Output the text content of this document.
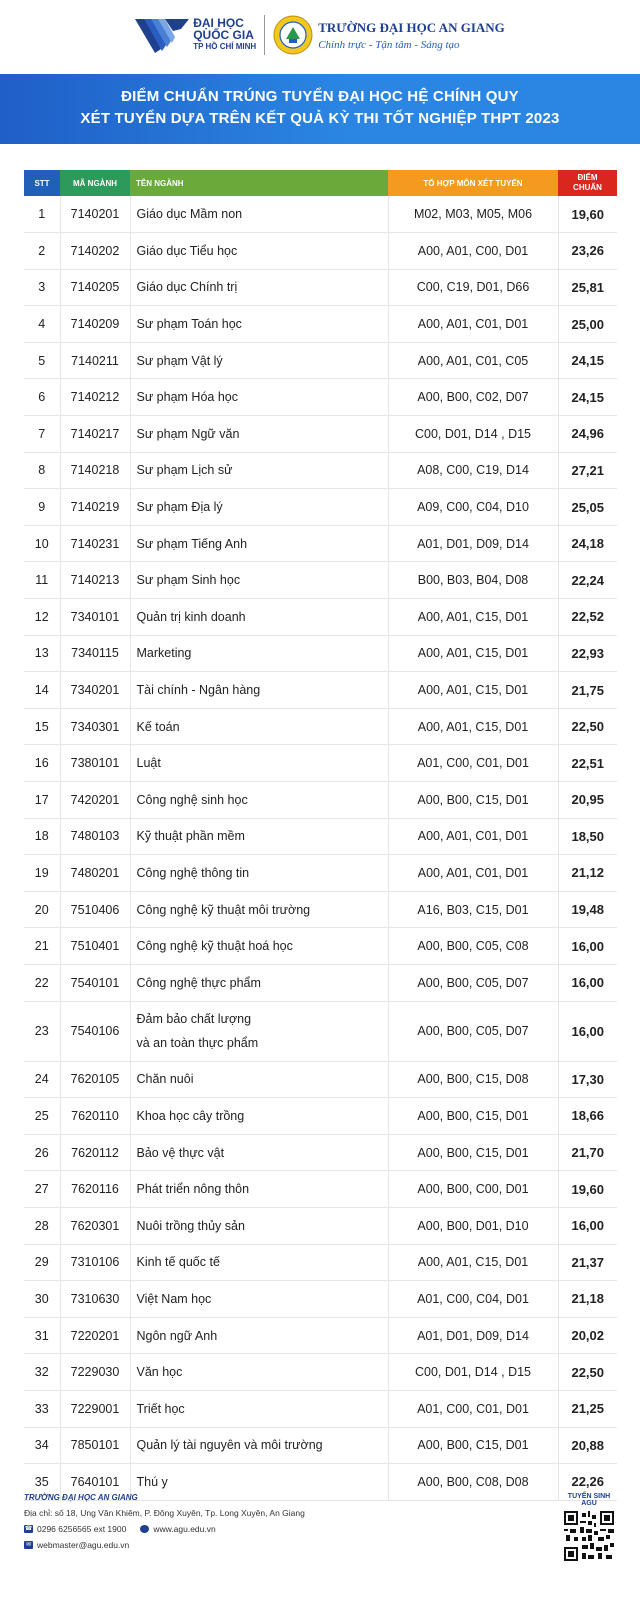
ĐẠI HỌC
QUỐC GIA
TP HỒ CHÍ MINH
TRƯỜNG ĐẠI HỌC AN GIANG
Chính trực - Tận tâm - Sáng tạo
ĐIỂM CHUẨN TRÚNG TUYỂN ĐẠI HỌC HỆ CHÍNH QUY
XÉT TUYỂN DỰA TRÊN KẾT QUẢ KỲ THI TỐT NGHIỆP THPT 2023
STT	MÃ NGÀNH	TÊN NGÀNH	TỔ HỢP MÔN XÉT TUYỂN	ĐIỂM
CHUẨN
1	7140201	Giáo dục Mầm non	M02, M03, M05, M06	19,60
2	7140202	Giáo dục Tiểu học	A00, A01, C00, D01	23,26
3	7140205	Giáo dục Chính trị	C00, C19, D01, D66	25,81
4	7140209	Sư phạm Toán học	A00, A01, C01, D01	25,00
5	7140211	Sư phạm Vật lý	A00, A01, C01, C05	24,15
6	7140212	Sư phạm Hóa học	A00, B00, C02, D07	24,15
7	7140217	Sư phạm Ngữ văn	C00, D01, D14 , D15	24,96
8	7140218	Sư phạm Lịch sử	A08, C00, C19, D14	27,21
9	7140219	Sư phạm Địa lý	A09, C00, C04, D10	25,05
10	7140231	Sư phạm Tiếng Anh	A01, D01, D09, D14	24,18
11	7140213	Sư phạm Sinh học	B00, B03, B04, D08	22,24
12	7340101	Quản trị kinh doanh	A00, A01, C15, D01	22,52
13	7340115	Marketing	A00, A01, C15, D01	22,93
14	7340201	Tài chính - Ngân hàng	A00, A01, C15, D01	21,75
15	7340301	Kế toán	A00, A01, C15, D01	22,50
16	7380101	Luật	A01, C00, C01, D01	22,51
17	7420201	Công nghệ sinh học	A00, B00, C15, D01	20,95
18	7480103	Kỹ thuật phần mềm	A00, A01, C01, D01	18,50
19	7480201	Công nghệ thông tin	A00, A01, C01, D01	21,12
20	7510406	Công nghệ kỹ thuật môi trường	A16, B03, C15, D01	19,48
21	7510401	Công nghệ kỹ thuật hoá học	A00, B00, C05, C08	16,00
22	7540101	Công nghệ thực phẩm	A00, B00, C05, D07	16,00
23	7540106	Đảm bảo chất lượng
và an toàn thực phẩm	A00, B00, C05, D07	16,00
24	7620105	Chăn nuôi	A00, B00, C15, D08	17,30
25	7620110	Khoa học cây trồng	A00, B00, C15, D01	18,66
26	7620112	Bảo vệ thực vật	A00, B00, C15, D01	21,70
27	7620116	Phát triển nông thôn	A00, B00, C00, D01	19,60
28	7620301	Nuôi trồng thủy sản	A00, B00, D01, D10	16,00
29	7310106	Kinh tế quốc tế	A00, A01, C15, D01	21,37
30	7310630	Việt Nam học	A01, C00, C04, D01	21,18
31	7220201	Ngôn ngữ Anh	A01, D01, D09, D14	20,02
32	7229030	Văn học	C00, D01, D14 , D15	22,50
33	7229001	Triết học	A01, C00, C01, D01	21,25
34	7850101	Quản lý tài nguyên và môi trường	A00, B00, C15, D01	20,88
35	7640101	Thú y	A00, B00, C08, D08	22,26
TRƯỜNG ĐẠI HỌC AN GIANG
Địa chỉ: số 18, Ung Văn Khiêm, P. Đông Xuyên, Tp. Long Xuyên, An Giang
☎ 0296 6256565 ext 1900	www.agu.edu.vn
✉ webmaster@agu.edu.vn
TUYỂN SINH AGU
